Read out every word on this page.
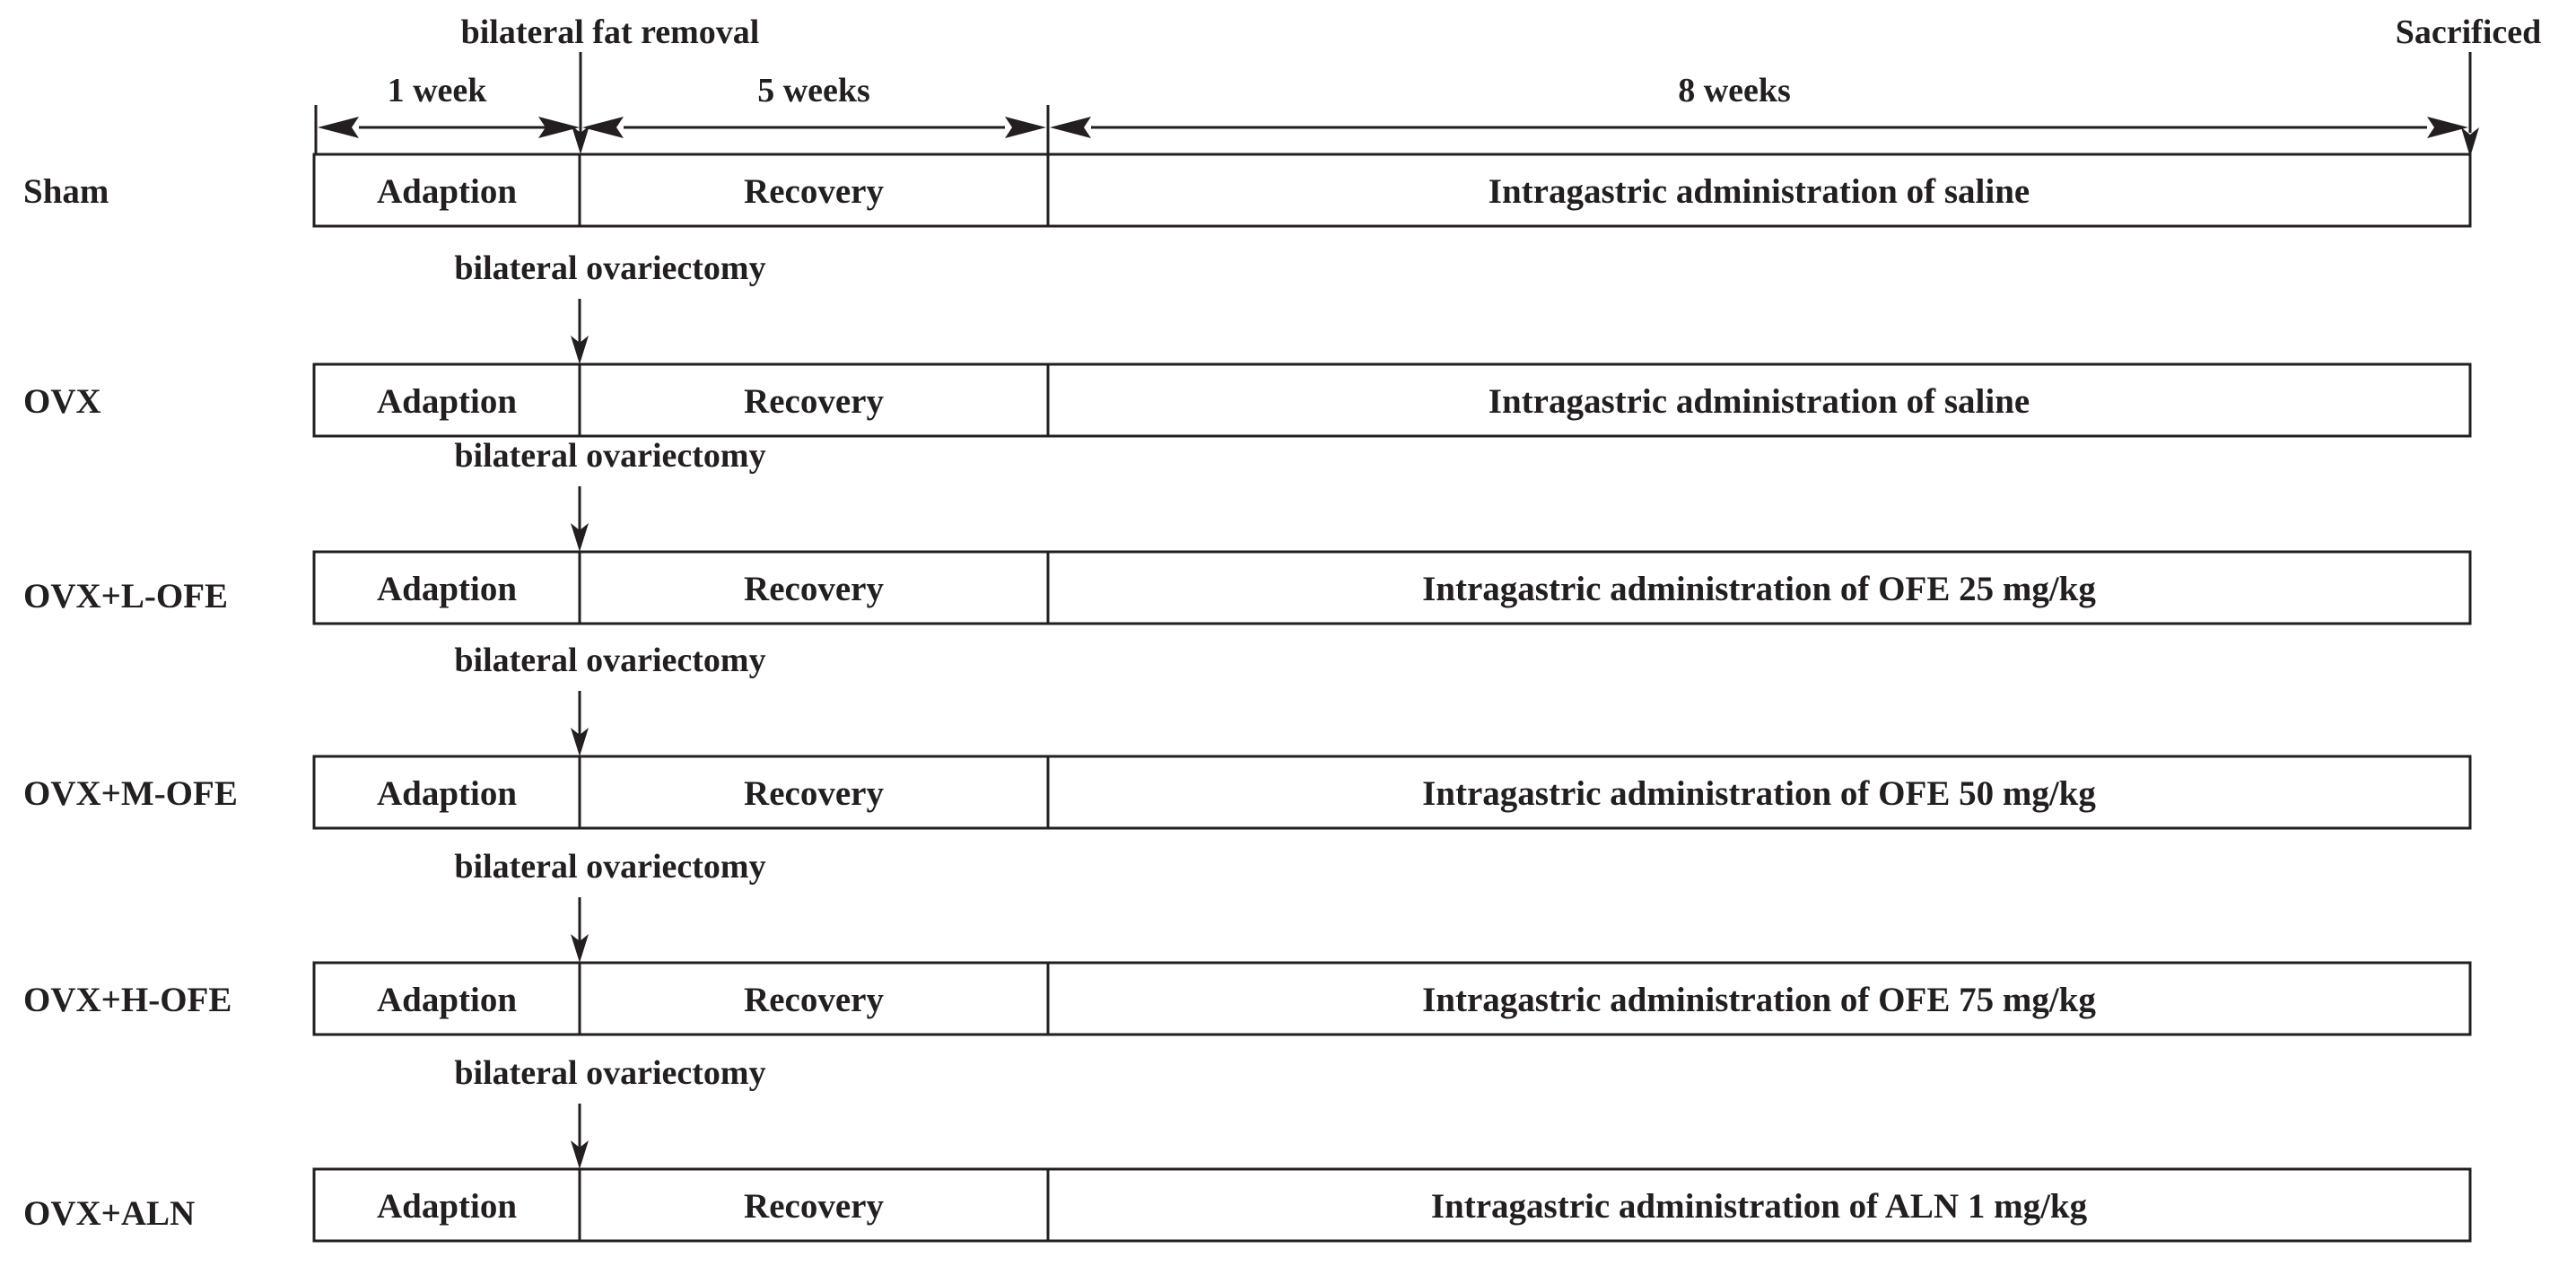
bilateral fat removal	Sacrificed
1 week	5 weeks	8 weeks
Sham	Adaption	Recovery	Intragastric administration of saline
OVX	Adaption	Recovery	Intragastric administration of saline
bilateral ovariectomy
OVX+L-OFE	Adaption	Recovery	Intragastric administration of OFE 25 mg/kg
bilateral ovariectomy
OVX+M-OFE	Adaption	Recovery	Intragastric administration of OFE 50 mg/kg
bilateral ovariectomy
OVX+H-OFE	Adaption	Recovery	Intragastric administration of OFE 75 mg/kg
bilateral ovariectomy
OVX+ALN	Adaption	Recovery	Intragastric administration of ALN 1 mg/kg
bilateral ovariectomy
